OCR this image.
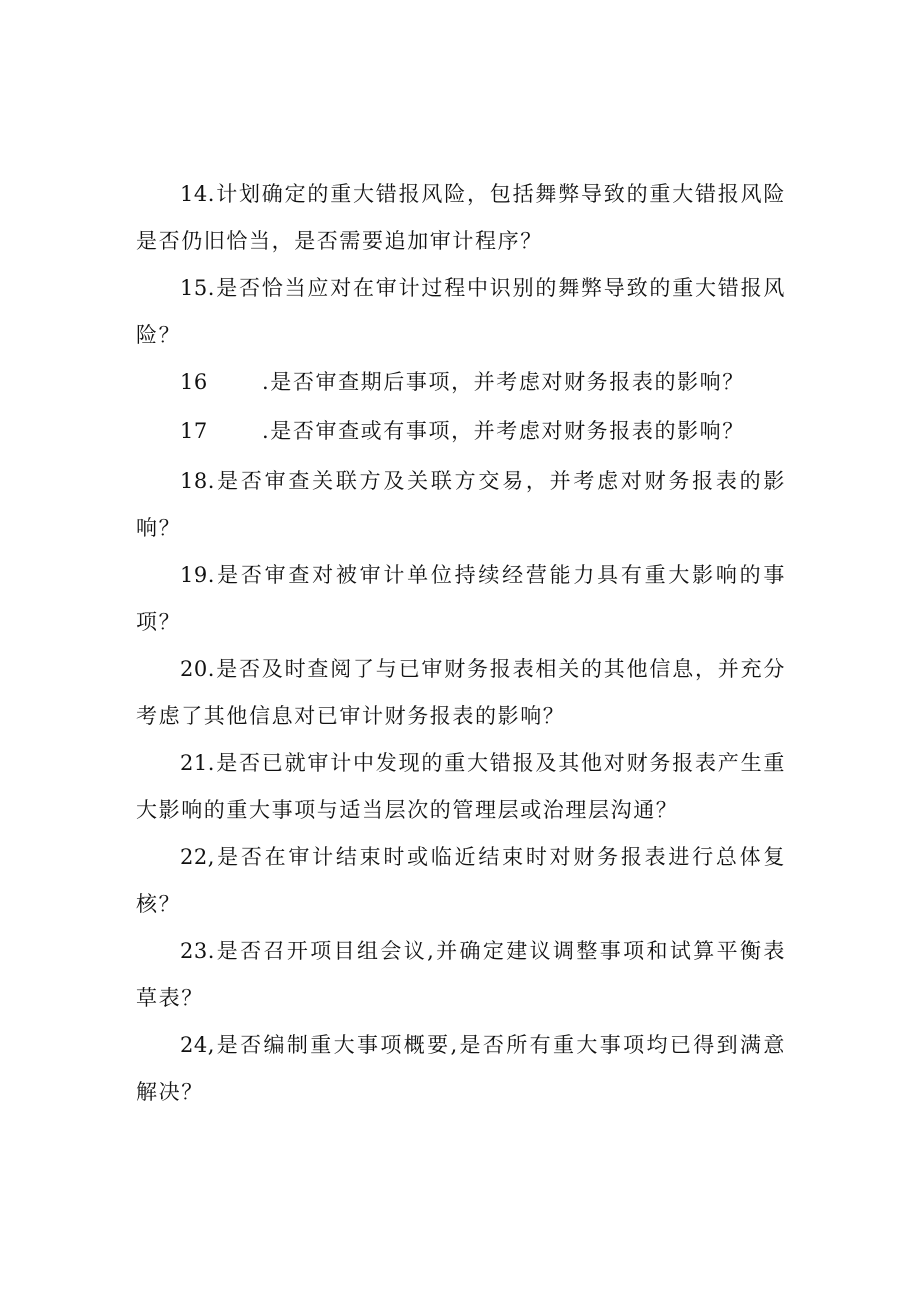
14.计划确定的重大错报风险，包括舞弊导致的重大错报风险是否仍旧恰当，是否需要追加审计程序？

15.是否恰当应对在审计过程中识别的舞弊导致的重大错报风险？

16	.是否审查期后事项，并考虑对财务报表的影响？

17	.是否审查或有事项，并考虑对财务报表的影响？

18.是否审查关联方及关联方交易，并考虑对财务报表的影响？

19.是否审查对被审计单位持续经营能力具有重大影响的事项？

20.是否及时查阅了与已审财务报表相关的其他信息，并充分考虑了其他信息对已审计财务报表的影响？

21.是否已就审计中发现的重大错报及其他对财务报表产生重大影响的重大事项与适当层次的管理层或治理层沟通？

22,是否在审计结束时或临近结束时对财务报表进行总体复核？

23.是否召开项目组会议,并确定建议调整事项和试算平衡表草表？

24,是否编制重大事项概要,是否所有重大事项均已得到满意解决？
